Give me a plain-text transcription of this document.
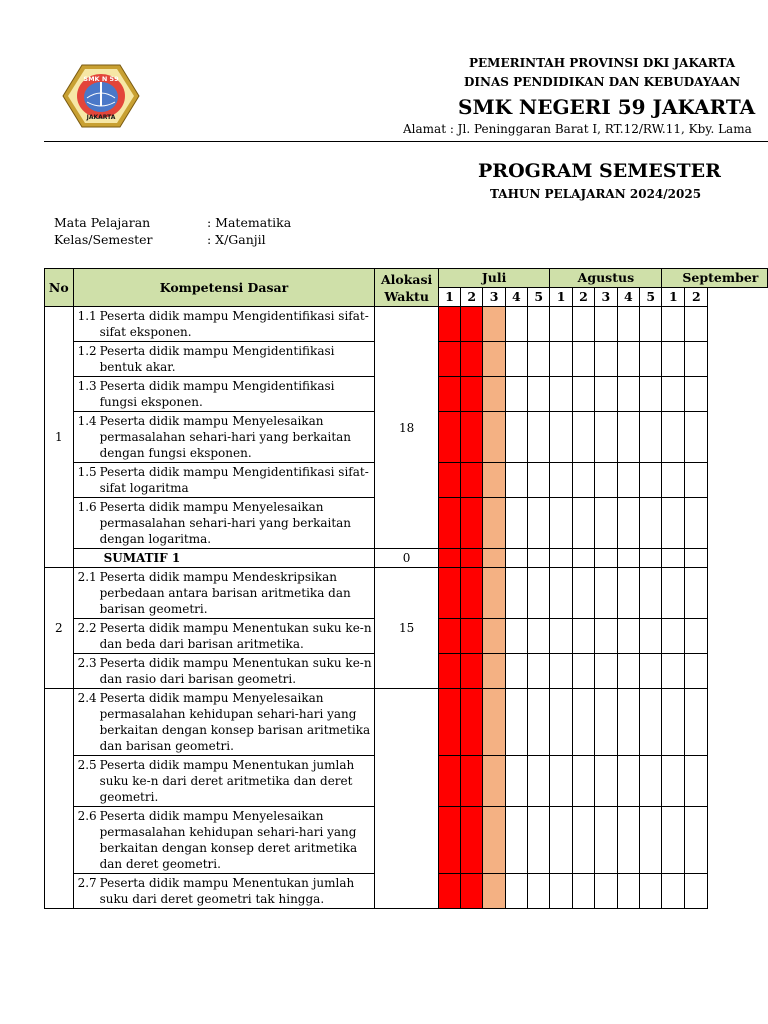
SMK N 59
JAKARTA
PEMERINTAH PROVINSI DKI JAKARTA
DINAS PENDIDIKAN DAN KEBUDAYAAN
SMK NEGERI 59 JAKARTA
Alamat : Jl. Peninggaran Barat I, RT.12/RW.11, Kby. Lama
PROGRAM SEMESTER
TAHUN PELAJARAN 2024/2025
Mata Pelajaran	: Matematika
Kelas/Semester	: X/Ganjil
No	Kompetensi Dasar	Alokasi Waktu	Juli					Agustus					September		
			1	2	3	4	5	1	2	3	4	5	1	2	
1	1.1 Peserta didik mampu Mengidentifikasi sifat-sifat eksponen.	18													

	1.2 Peserta didik mampu Mengidentifikasi bentuk akar.														

	1.3 Peserta didik mampu Mengidentifikasi fungsi eksponen.														

	1.4 Peserta didik mampu Menyelesaikan permasalahan sehari-hari yang berkaitan dengan fungsi eksponen.														

	1.5 Peserta didik mampu Mengidentifikasi sifat-sifat logaritma														

	1.6 Peserta didik mampu Menyelesaikan permasalahan sehari-hari yang berkaitan dengan logaritma.														

	SUMATIF 1	0													
2	2.1 Peserta didik mampu Mendeskripsikan perbedaan antara barisan aritmetika dan barisan geometri.	15													

	2.2 Peserta didik mampu Menentukan suku ke-n dan beda dari barisan aritmetika.														

	2.3 Peserta didik mampu Menentukan suku ke-n dan rasio dari barisan geometri.														

	2.4 Peserta didik mampu Menyelesaikan permasalahan kehidupan sehari-hari yang berkaitan dengan konsep barisan aritmetika dan barisan geometri.														

	2.5 Peserta didik mampu Menentukan jumlah suku ke-n dari deret aritmetika dan deret geometri.														

	2.6 Peserta didik mampu Menyelesaikan permasalahan kehidupan sehari-hari yang berkaitan dengan konsep deret aritmetika dan deret geometri.														

	2.7 Peserta didik mampu Menentukan jumlah suku dari deret geometri tak hingga.														
